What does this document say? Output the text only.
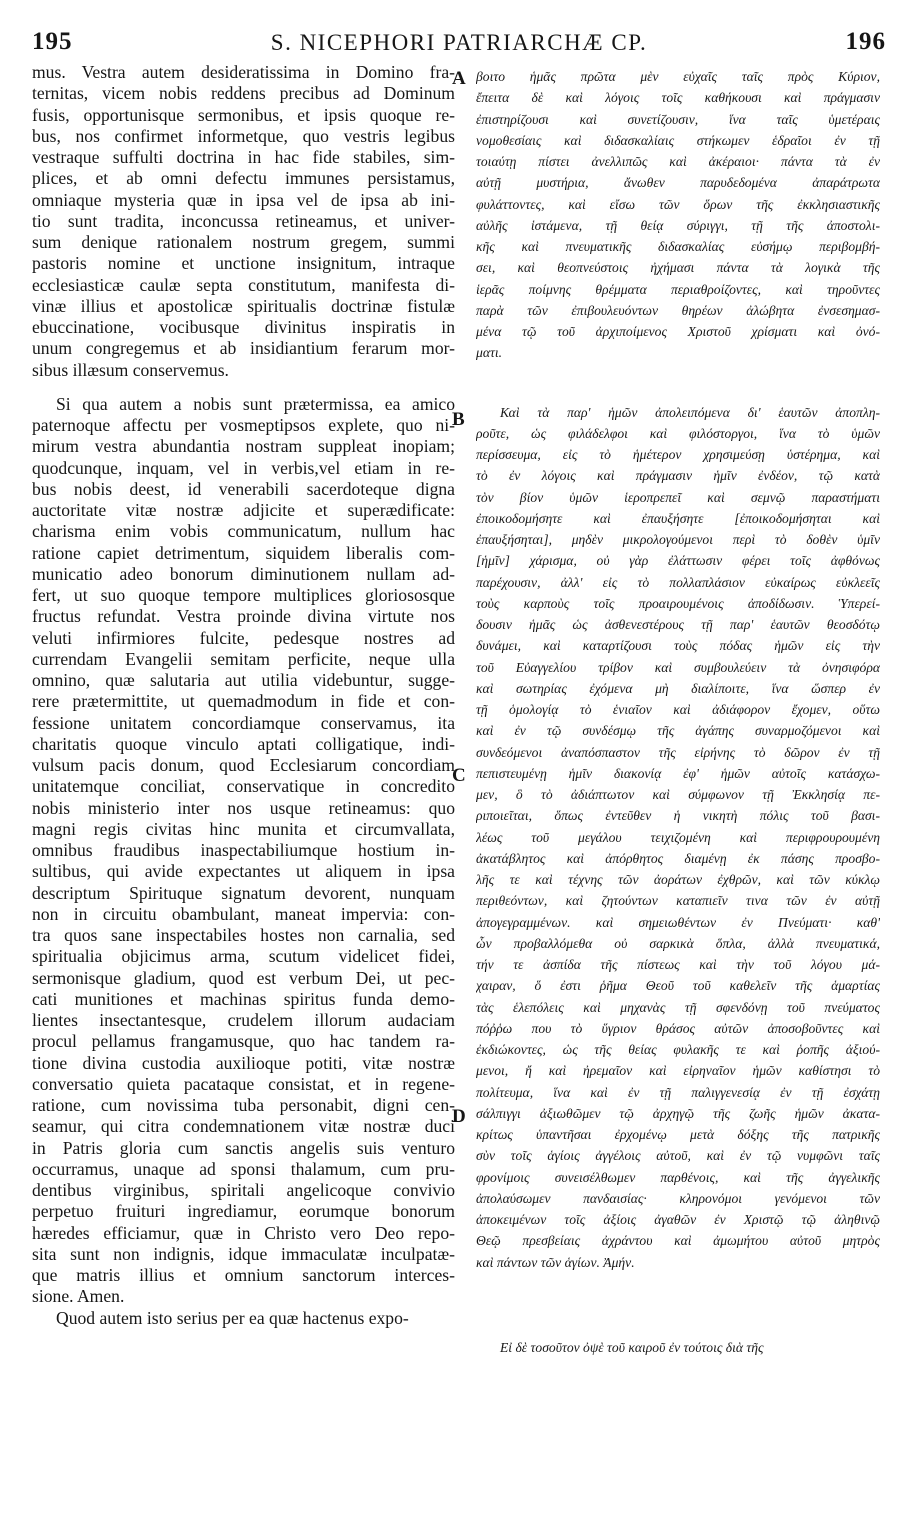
195	S. NICEPHORI PATRIARCHÆ CP.	196
A
B
C
D
mus. Vestra autem desideratissima in Domino fra-
ternitas, vicem nobis reddens precibus ad Dominum
fusis, opportunisque sermonibus, et ipsis quoque re-
bus, nos confirmet informetque, quo vestris legibus
vestraque suffulti doctrina in hac fide stabiles, sim-
plices, et ab omni defectu immunes persistamus,
omniaque mysteria quæ in ipsa vel de ipsa ab ini-
tio sunt tradita, inconcussa retineamus, et univer-
sum denique rationalem nostrum gregem, summi
pastoris nomine et unctione insignitum, intraque
ecclesiasticæ caulæ septa constitutum, manifesta di-
vinæ illius et apostolicæ spiritualis doctrinæ fistulæ
ebuccinatione, vocibusque divinitus inspiratis in
unum congregemus et ab insidiantium ferarum mor-
sibus illæsum conservemus.
Si qua autem a nobis sunt prætermissa, ea amico
paternoque affectu per vosmeptipsos explete, quo ni-
mirum vestra abundantia nostram suppleat inopiam;
quodcunque, inquam, vel in verbis,vel etiam in re-
bus nobis deest, id venerabili sacerdoteque digna
auctoritate vitæ nostræ adjicite et superædificate:
charisma enim vobis communicatum, nullum hac
ratione capiet detrimentum, siquidem liberalis com-
municatio adeo bonorum diminutionem nullam ad-
fert, ut suo quoque tempore multiplices gloriososque
fructus refundat. Vestra proinde divina virtute nos
veluti infirmiores fulcite, pedesque nostres ad
currendam Evangelii semitam perficite, neque ulla
omnino, quæ salutaria aut utilia videbuntur, sugge-
rere prætermittite, ut quemadmodum in fide et con-
fessione unitatem concordiamque conservamus, ita
charitatis quoque vinculo aptati colligatique, indi-
vulsum pacis donum, quod Ecclesiarum concordiam
unitatemque conciliat, conservatique in concredito
nobis ministerio inter nos usque retineamus: quo
magni regis civitas hinc munita et circumvallata,
omnibus fraudibus inaspectabiliumque hostium in-
sultibus, qui avide expectantes ut aliquem in ipsa
descriptum Spirituque signatum devorent, nunquam
non in circuitu obambulant, maneat impervia: con-
tra quos sane inspectabiles hostes non carnalia, sed
spiritualia objicimus arma, scutum videlicet fidei,
sermonisque gladium, quod est verbum Dei, ut pec-
cati munitiones et machinas spiritus funda demo-
lientes insectantesque, crudelem illorum audaciam
procul pellamus frangamusque, quo hac tandem ra-
tione divina custodia auxilioque potiti, vitæ nostræ
conversatio quieta pacataque consistat, et in regene-
ratione, cum novissima tuba personabit, digni cen-
seamur, qui citra condemnationem vitæ nostræ duci
in Patris gloria cum sanctis angelis suis venturo
occurramus, unaque ad sponsi thalamum, cum pru-
dentibus virginibus, spiritali angelicoque convivio
perpetuo fruituri ingrediamur, eorumque bonorum
hæredes efficiamur, quæ in Christo vero Deo repo-
sita sunt non indignis, idque immaculatæ inculpatæ-
que matris illius et omnium sanctorum interces-
sione. Amen.
Quod autem isto serius per ea quæ hactenus expo-
βοιτο ἡμᾶς πρῶτα μὲν εὐχαῖς ταῖς πρὸς Κύριον,
ἔπειτα δὲ καὶ λόγοις τοῖς καθήκουσι καὶ πράγμασιν
ἐπιστηρίζουσι καὶ συνετίζουσιν, ἵνα ταῖς ὑμετέραις
νομοθεσίαις καὶ διδασκαλίαις στήκωμεν ἑδραῖοι ἐν τῇ
τοιαύτῃ πίστει ἀνελλιπῶς καὶ ἀκέραιοι· πάντα τὰ ἐν
αὐτῇ μυστήρια, ἄνωθεν παρυδεδομένα ἀπαράτρωτα
φυλάττοντες, καὶ εἴσω τῶν ὅρων τῆς ἐκκλησιαστικῆς
αὐλῆς ἱστάμενα, τῇ θείᾳ σύριγγι, τῇ τῆς ἀποστολι-
κῆς καὶ πνευματικῆς διδασκαλίας εὐσήμῳ περιβομβή-
σει, καὶ θεοπνεύστοις ἠχήμασι πάντα τὰ λογικὰ τῆς
ἱερᾶς ποίμνης θρέμματα περιαθροίζοντες, καὶ τηροῦντες
παρὰ τῶν ἐπιβουλευόντων θηρέων ἀλώβητα ἐνσεσημασ-
μένα τῷ τοῦ ἀρχιποίμενος Χριστοῦ χρίσματι καὶ ὀνό-
ματι.
Καὶ τὰ παρ' ἡμῶν ἀπολειπόμενα δι' ἑαυτῶν ἀποπλη-
ροῦτε, ὡς φιλάδελφοι καὶ φιλόστοργοι, ἵνα τὸ ὑμῶν
περίσσευμα, εἰς τὸ ἡμέτερον χρησιμεύσῃ ὑστέρημα, καὶ
τὸ ἐν λόγοις καὶ πράγμασιν ἡμῖν ἐνδέον, τῷ κατὰ
τὸν βίον ὑμῶν ἱεροπρεπεῖ καὶ σεμνῷ παραστήματι
ἐποικοδομήσητε καὶ ἐπαυξήσητε [ἐποικοδομήσηται καὶ
ἐπαυξήσηται], μηδὲν μικρολογούμενοι περὶ τὸ δοθὲν ὑμῖν
[ἡμῖν] χάρισμα, οὐ γὰρ ἐλάττωσιν φέρει τοῖς ἀφθόνως
παρέχουσιν, ἀλλ' εἰς τὸ πολλαπλάσιον εὐκαίρως εὐκλεεῖς
τοὺς καρποὺς τοῖς προαιρουμένοις ἀποδίδωσιν. Ὑπερεί-
δουσιν ἡμᾶς ὡς ἀσθενεστέρους τῇ παρ' ἑαυτῶν θεοσδότῳ
δυνάμει, καὶ καταρτίζουσι τοὺς πόδας ἡμῶν εἰς τὴν
τοῦ Εὐαγγελίου τρίβον καὶ συμβουλεύειν τὰ ὀνησιφόρα
καὶ σωτηρίας ἐχόμενα μὴ διαλίποιτε, ἵνα ὥσπερ ἐν
τῇ ὁμολογίᾳ τὸ ἑνιαῖον καὶ ἀδιάφορον ἔχομεν, οὕτω
καὶ ἐν τῷ συνδέσμῳ τῆς ἀγάπης συναρμοζόμενοι καὶ
συνδεόμενοι ἀναπόσπαστον τῆς εἰρήνης τὸ δῶρον ἐν τῇ
πεπιστευμένῃ ἡμῖν διακονίᾳ ἐφ' ἡμῶν αὐτοῖς κατάσχω-
μεν, ὃ τὸ ἀδιάπτωτον καὶ σύμφωνον τῇ Ἐκκλησίᾳ πε-
ριποιεῖται, ὅπως ἐντεῦθεν ἡ νικητὴ πόλις τοῦ βασι-
λέως τοῦ μεγάλου τειχιζομένη καὶ περιφρουρουμένη
ἀκατάβλητος καὶ ἀπόρθητος διαμένῃ ἐκ πάσης προσβο-
λῆς τε καὶ τέχνης τῶν ἀοράτων ἐχθρῶν, καὶ τῶν κύκλῳ
περιθεόντων, καὶ ζητούντων καταπιεῖν τινα τῶν ἐν αὐτῇ
ἀπογεγραμμένων. καὶ σημειωθέντων ἐν Πνεύματι· καθ'
ὧν προβαλλόμεθα οὐ σαρκικὰ ὅπλα, ἀλλὰ πνευματικά,
τήν τε ἀσπίδα τῆς πίστεως καὶ τὴν τοῦ λόγου μά-
χαιραν, ὅ ἐστι ῥῆμα Θεοῦ τοῦ καθελεῖν τῆς ἁμαρτίας
τὰς ἑλεπόλεις καὶ μηχανὰς τῇ σφενδόνῃ τοῦ πνεύματος
πόῤῥω που τὸ ὕγριον θράσος αὐτῶν ἀποσοβοῦντες καὶ
ἐκδιώκοντες, ὡς τῆς θείας φυλακῆς τε καὶ ῥοπῆς ἀξιού-
μενοι, ἤ καὶ ἠρεμαῖον καὶ εἰρηναῖον ἡμῶν καθίστησι τὸ
πολίτευμα, ἵνα καὶ ἐν τῇ παλιγγενεσίᾳ ἐν τῇ ἐσχάτῃ
σάλπιγγι ἀξιωθῶμεν τῷ ἀρχηγῷ τῆς ζωῆς ἡμῶν ἀκατα-
κρίτως ὑπαντῆσαι ἐρχομένῳ μετὰ δόξης τῆς πατρικῆς
σὺν τοῖς ἁγίοις ἀγγέλοις αὐτοῦ, καὶ ἐν τῷ νυμφῶνι ταῖς
φρονίμοις συνεισέλθωμεν παρθένοις, καὶ τῆς ἀγγελικῆς
ἀπολαύσωμεν πανδαισίας· κληρονόμοι γενόμενοι τῶν
ἀποκειμένων τοῖς ἀξίοις ἀγαθῶν ἐν Χριστῷ τῷ ἀληθινῷ
Θεῷ πρεσβείαις ἀχράντου καὶ ἀμωμήτου αὐτοῦ μητρὸς
καὶ πάντων τῶν ἁγίων. Ἀμήν.
Εἰ δὲ τοσοῦτον ὀψὲ τοῦ καιροῦ ἐν τούτοις διὰ τῆς
